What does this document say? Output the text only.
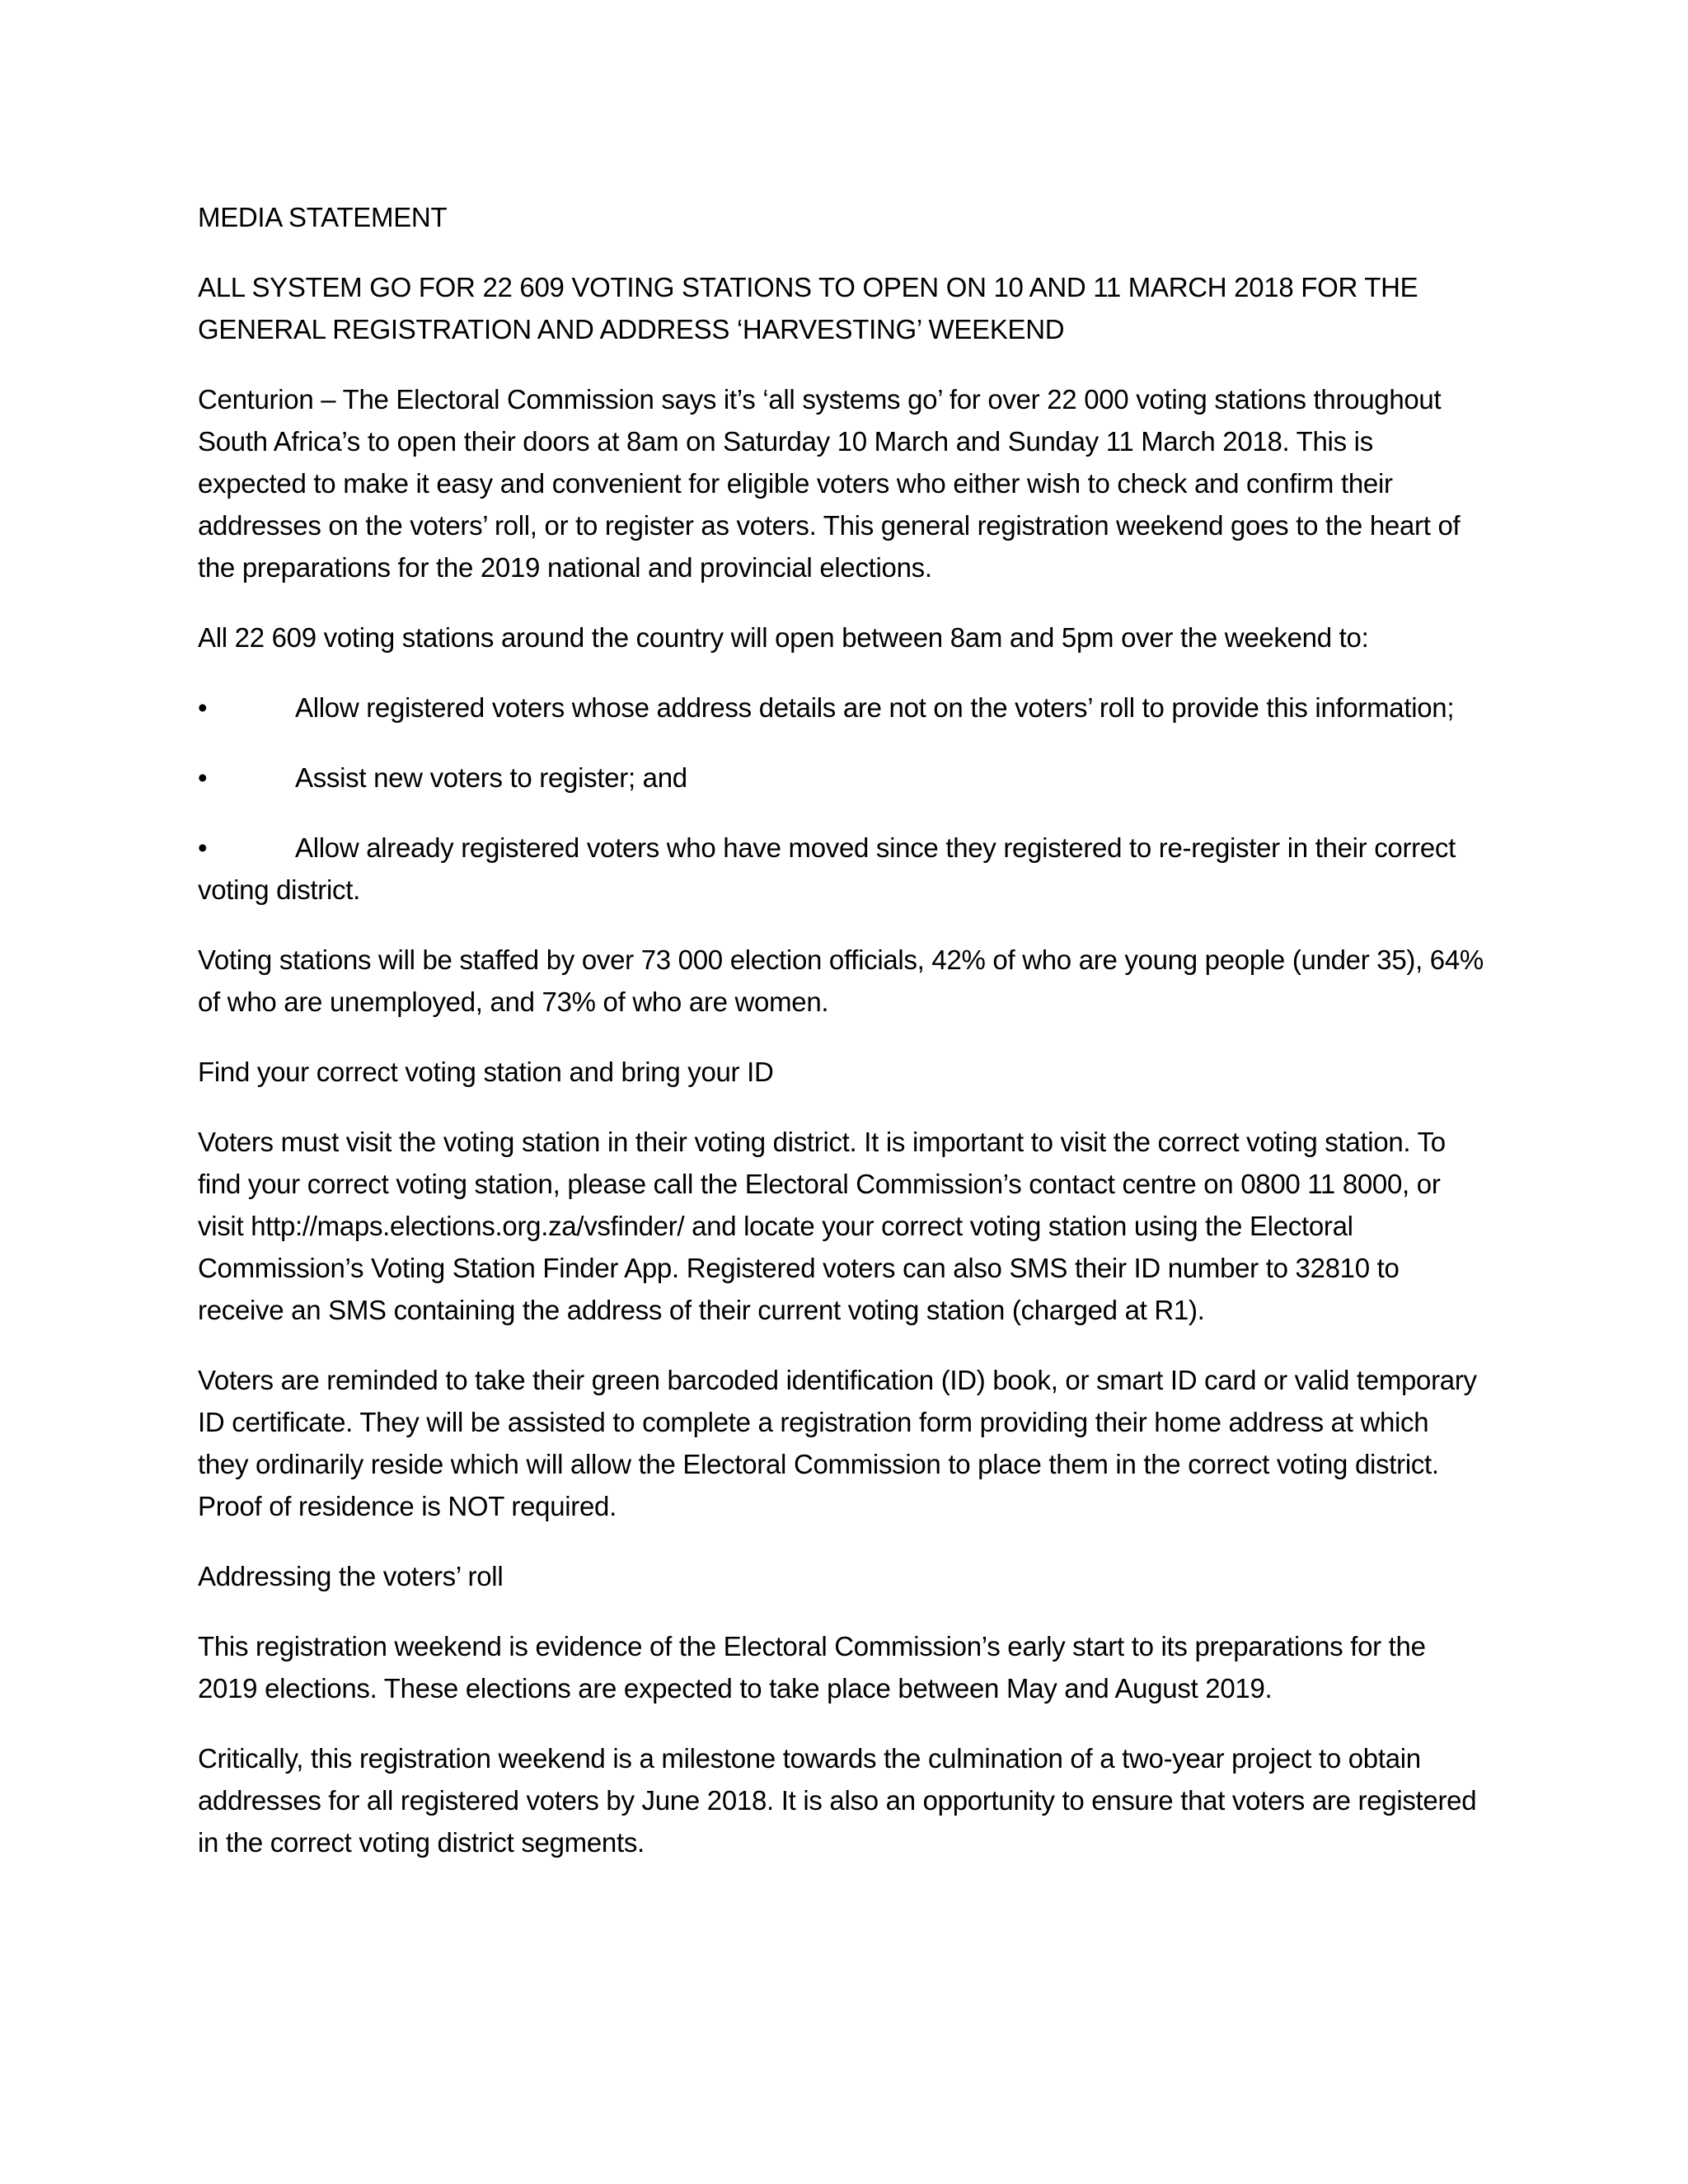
MEDIA STATEMENT

ALL SYSTEM GO FOR 22 609 VOTING STATIONS TO OPEN ON 10 AND 11 MARCH 2018 FOR THE GENERAL REGISTRATION AND ADDRESS ‘HARVESTING’ WEEKEND

Centurion – The Electoral Commission says it’s ‘all systems go’ for over 22 000 voting stations throughout South Africa’s to open their doors at 8am on Saturday 10 March and Sunday 11 March 2018. This is expected to make it easy and convenient for eligible voters who either wish to check and confirm their addresses on the voters’ roll, or to register as voters. This general registration weekend goes to the heart of the preparations for the 2019 national and provincial elections.

All 22 609 voting stations around the country will open between 8am and 5pm over the weekend to:

•	Allow registered voters whose address details are not on the voters’ roll to provide this information;

•	Assist new voters to register; and

•	Allow already registered voters who have moved since they registered to re-register in their correct voting district.

Voting stations will be staffed by over 73 000 election officials, 42% of who are young people (under 35), 64% of who are unemployed, and 73% of who are women.

Find your correct voting station and bring your ID

Voters must visit the voting station in their voting district. It is important to visit the correct voting station. To find your correct voting station, please call the Electoral Commission’s contact centre on 0800 11 8000, or visit http://maps.elections.org.za/vsfinder/ and locate your correct voting station using the Electoral Commission’s Voting Station Finder App. Registered voters can also SMS their ID number to 32810 to receive an SMS containing the address of their current voting station (charged at R1).

Voters are reminded to take their green barcoded identification (ID) book, or smart ID card or valid temporary ID certificate. They will be assisted to complete a registration form providing their home address at which they ordinarily reside which will allow the Electoral Commission to place them in the correct voting district. Proof of residence is NOT required.

Addressing the voters’ roll

This registration weekend is evidence of the Electoral Commission’s early start to its preparations for the 2019 elections. These elections are expected to take place between May and August 2019.

Critically, this registration weekend is a milestone towards the culmination of a two-year project to obtain addresses for all registered voters by June 2018. It is also an opportunity to ensure that voters are registered in the correct voting district segments.
